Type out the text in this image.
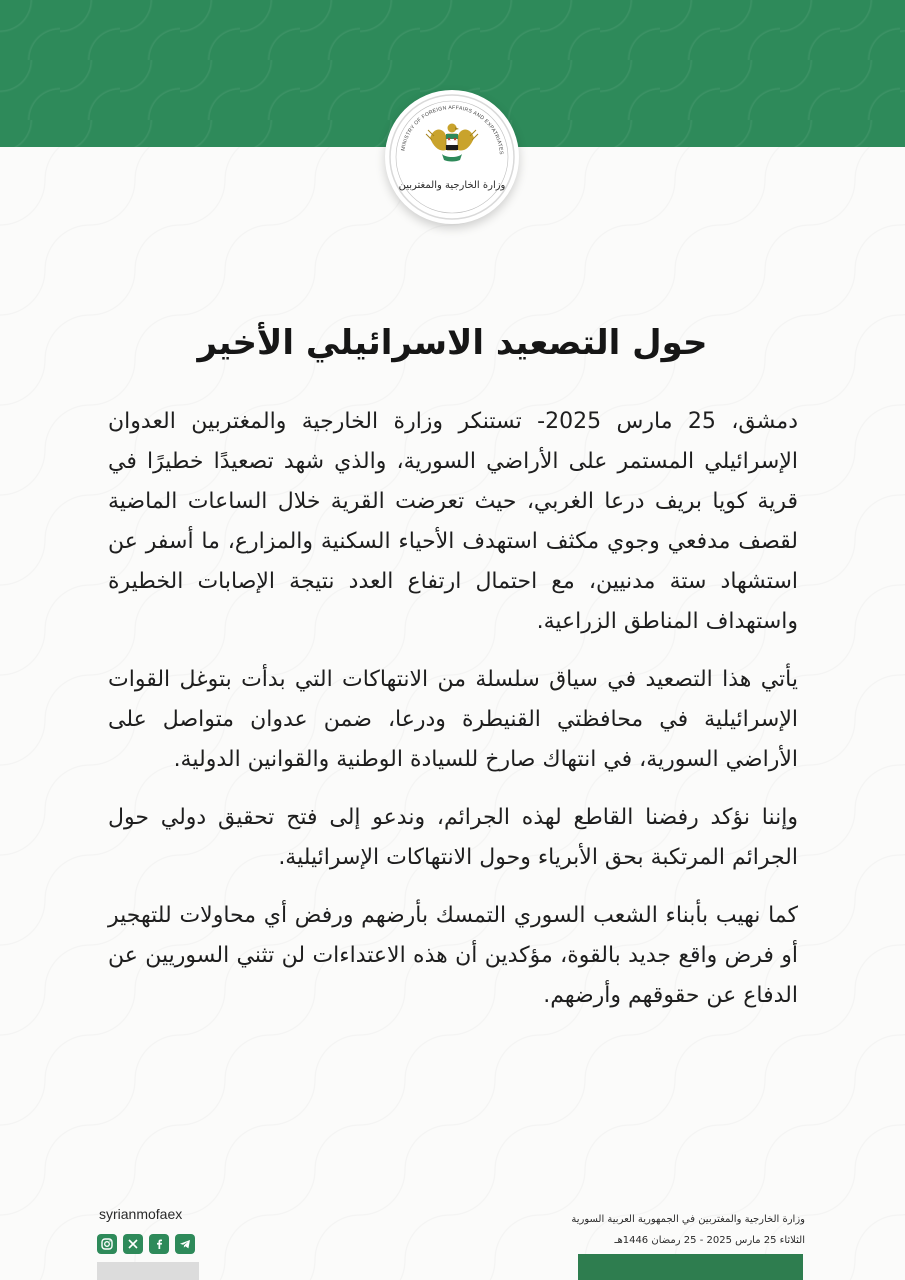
MINISTRY OF FOREIGN AFFAIRS AND EXPATRIATES
وزارة الخارجية والمغتربين
حول التصعيد الاسرائيلي الأخير

دمشق، 25 مارس 2025- تستنكر وزارة الخارجية والمغتربين العدوان الإسرائيلي المستمر على الأراضي السورية، والذي شهد تصعيدًا خطيرًا في قرية كويا بريف درعا الغربي، حيث تعرضت القرية خلال الساعات الماضية لقصف مدفعي وجوي مكثف استهدف الأحياء السكنية والمزارع، ما أسفر عن استشهاد ستة مدنيين، مع احتمال ارتفاع العدد نتيجة الإصابات الخطيرة واستهداف المناطق الزراعية.

يأتي هذا التصعيد في سياق سلسلة من الانتهاكات التي بدأت بتوغل القوات الإسرائيلية في محافظتي القنيطرة ودرعا، ضمن عدوان متواصل على الأراضي السورية، في انتهاك صارخ للسيادة الوطنية والقوانين الدولية.

وإننا نؤكد رفضنا القاطع لهذه الجرائم، وندعو إلى فتح تحقيق دولي حول الجرائم المرتكبة بحق الأبرياء وحول الانتهاكات الإسرائيلية.

كما نهيب بأبناء الشعب السوري التمسك بأرضهم ورفض أي محاولات للتهجير أو فرض واقع جديد بالقوة، مؤكدين أن هذه الاعتداءات لن تثني السوريين عن الدفاع عن حقوقهم وأرضهم.

syrianmofaex	وزارة الخارجية والمغتربين في الجمهورية العربية السورية
الثلاثاء 25 مارس 2025 - 25 رمضان 1446هـ
